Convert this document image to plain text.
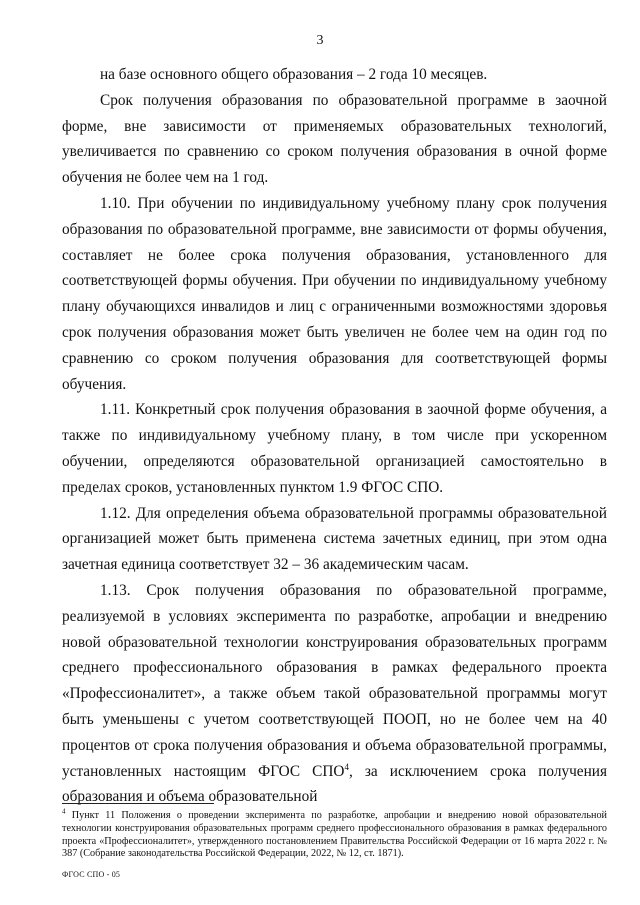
3

на базе основного общего образования – 2 года 10 месяцев.

Срок получения образования по образовательной программе в заочной форме, вне зависимости от применяемых образовательных технологий, увеличивается по сравнению со сроком получения образования в очной форме обучения не более чем на 1 год.

1.10. При обучении по индивидуальному учебному плану срок получения образования по образовательной программе, вне зависимости от формы обучения, составляет не более срока получения образования, установленного для соответствующей формы обучения. При обучении по индивидуальному учебному плану обучающихся инвалидов и лиц с ограниченными возможностями здоровья срок получения образования может быть увеличен не более чем на один год по сравнению со сроком получения образования для соответствующей формы обучения.

1.11. Конкретный срок получения образования в заочной форме обучения, а также по индивидуальному учебному плану, в том числе при ускоренном обучении, определяются образовательной организацией самостоятельно в пределах сроков, установленных пунктом 1.9 ФГОС СПО.

1.12. Для определения объема образовательной программы образовательной организацией может быть применена система зачетных единиц, при этом одна зачетная единица соответствует 32 – 36 академическим часам.

1.13. Срок получения образования по образовательной программе, реализуемой в условиях эксперимента по разработке, апробации и внедрению новой образовательной технологии конструирования образовательных программ среднего профессионального образования в рамках федерального проекта «Профессионалитет», а также объем такой образовательной программы могут быть уменьшены с учетом соответствующей ПООП, но не более чем на 40 процентов от срока получения образования и объема образовательной программы, установленных настоящим ФГОС СПО$^4$, за исключением срока получения образования и объема образовательной

$^4$ Пункт 11 Положения о проведении эксперимента по разработке, апробации и внедрению новой образовательной технологии конструирования образовательных программ среднего профессионального образования в рамках федерального проекта «Профессионалитет», утвержденного постановлением Правительства Российской Федерации от 16 марта 2022 г. № 387 (Собрание законодательства Российской Федерации, 2022, № 12, ст. 1871).

ФГОС СПО - 05
